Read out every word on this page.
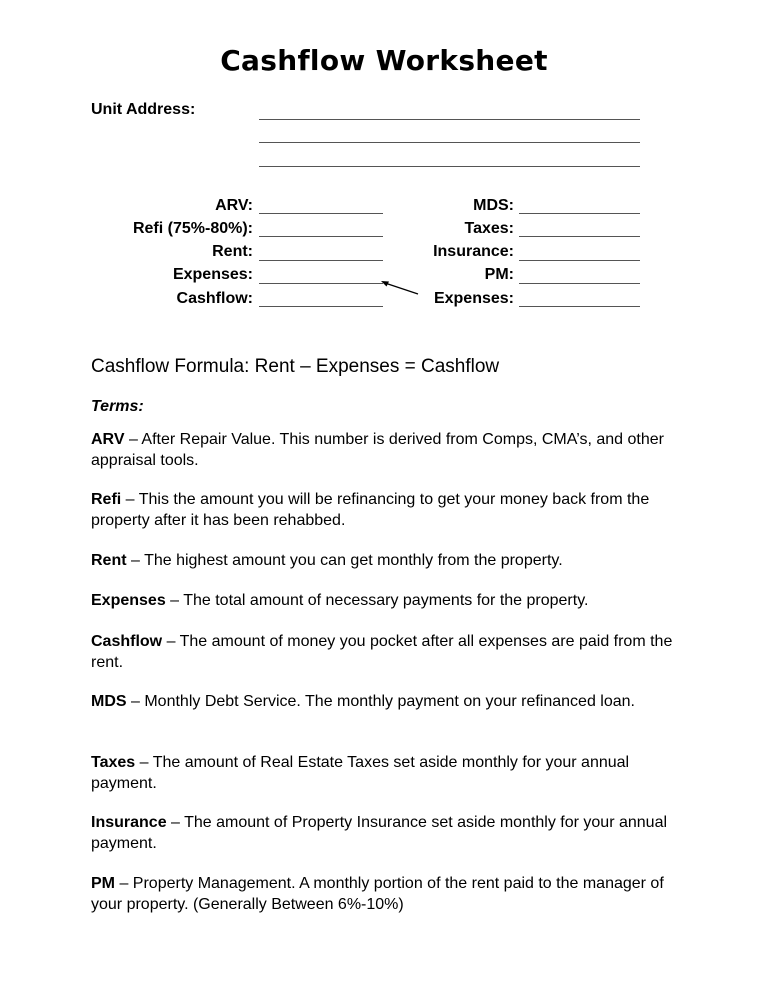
Cashflow Worksheet
Unit Address:
ARV:
Refi (75%-80%):
Rent:
Expenses:
Cashflow:
MDS:
Taxes:
Insurance:
PM:
Expenses:
Cashflow Formula: Rent – Expenses = Cashflow
Terms:
ARV – After Repair Value. This number is derived from Comps, CMA’s, and other appraisal tools.
Refi – This the amount you will be refinancing to get your money back from the property after it has been rehabbed.
Rent – The highest amount you can get monthly from the property.
Expenses – The total amount of necessary payments for the property.
Cashflow – The amount of money you pocket after all expenses are paid from the rent.
MDS – Monthly Debt Service. The monthly payment on your refinanced loan.
Taxes – The amount of Real Estate Taxes set aside monthly for your annual payment.
Insurance – The amount of Property Insurance set aside monthly for your annual payment.
PM – Property Management. A monthly portion of the rent paid to the manager of your property. (Generally Between 6%-10%)
